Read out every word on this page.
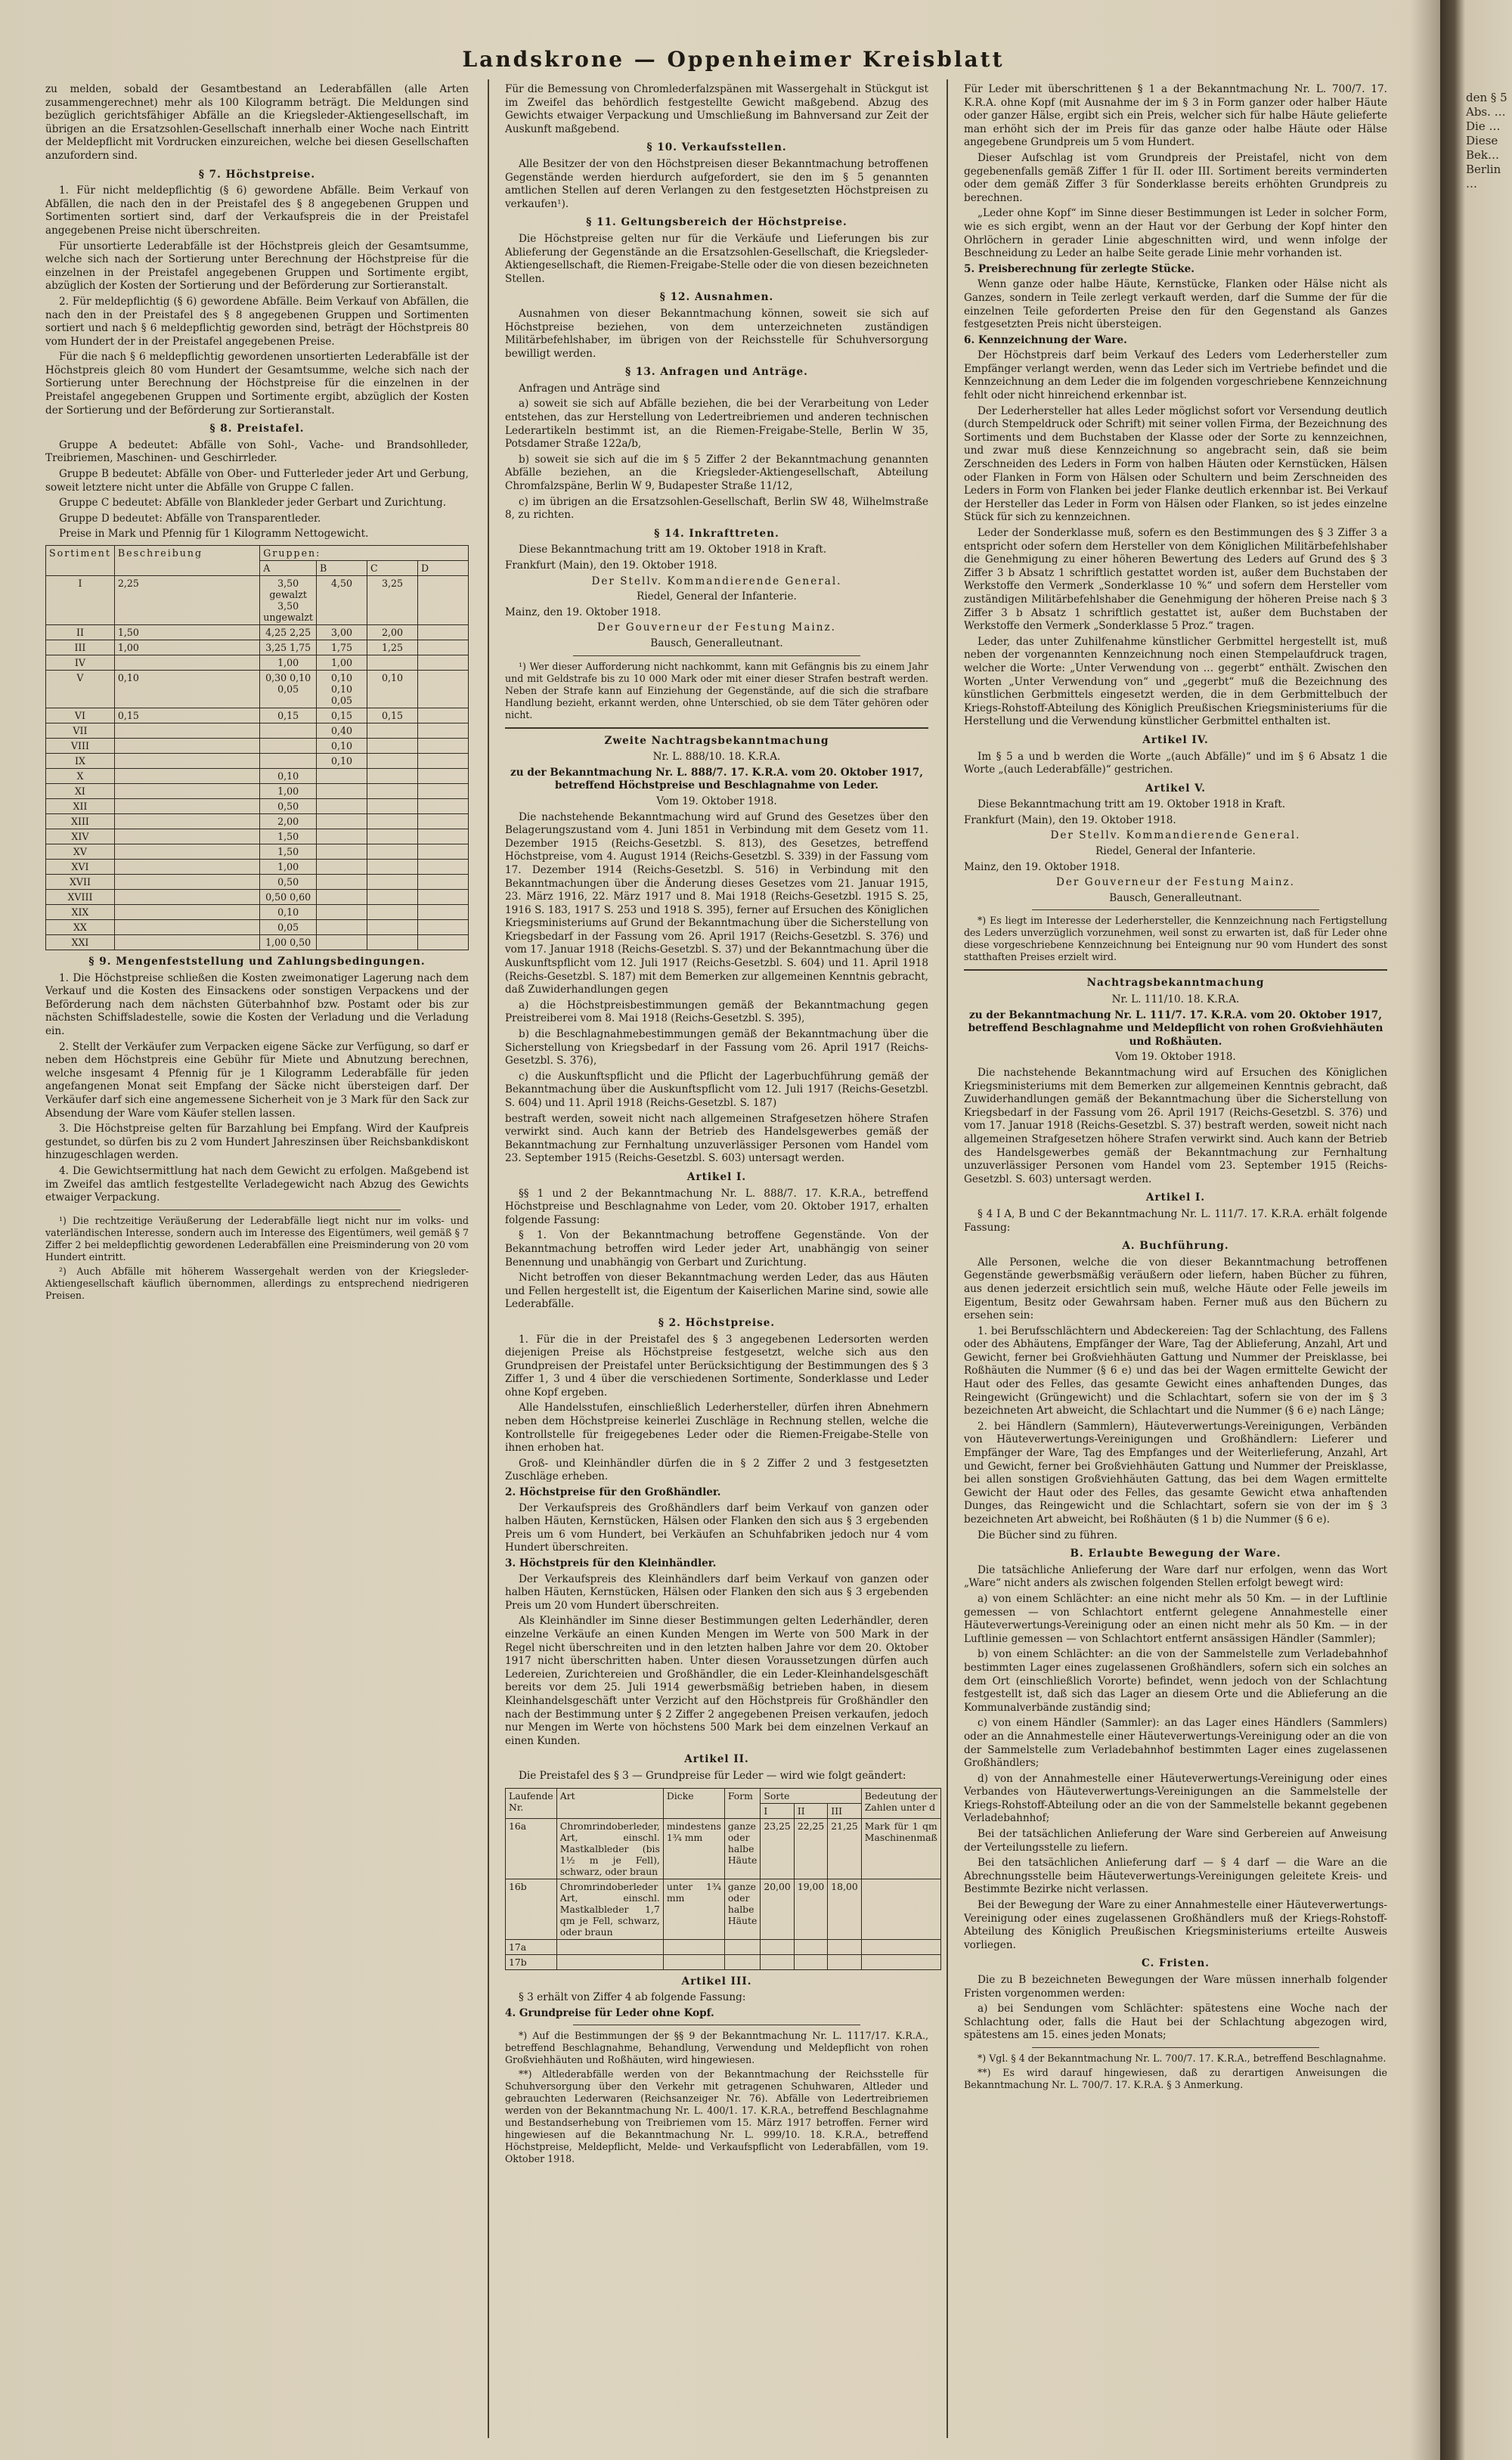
Landskrone — Oppenheimer Kreisblatt

zu melden, sobald der Gesamtbestand an Lederabfällen (alle Arten zusammengerechnet) mehr als 100 Kilogramm beträgt. Die Meldungen sind bezüglich gerichtsfähiger Abfälle an die Kriegsleder-Aktiengesellschaft, im übrigen an die Ersatzsohlen-Gesellschaft innerhalb einer Woche nach Eintritt der Meldepflicht mit Vordrucken einzureichen, welche bei diesen Gesellschaften anzufordern sind.

§ 7. Höchstpreise.

1. Für nicht meldepflichtig (§ 6) gewordene Abfälle. Beim Verkauf von Abfällen, die nach den in der Preistafel des § 8 angegebenen Gruppen und Sortimenten sortiert sind, darf der Verkaufspreis die in der Preistafel angegebenen Preise nicht überschreiten.

Für unsortierte Lederabfälle ist der Höchstpreis gleich der Gesamtsumme, welche sich nach der Sortierung unter Berechnung der Höchstpreise für die einzelnen in der Preistafel angegebenen Gruppen und Sortimente ergibt, abzüglich der Kosten der Sortierung und der Beförderung zur Sortieranstalt.

2. Für meldepflichtig (§ 6) gewordene Abfälle. Beim Verkauf von Abfällen, die nach den in der Preistafel des § 8 angegebenen Gruppen und Sortimenten sortiert und nach § 6 meldepflichtig geworden sind, beträgt der Höchstpreis 80 vom Hundert der in der Preistafel angegebenen Preise.

Für die nach § 6 meldepflichtig gewordenen unsortierten Lederabfälle ist der Höchstpreis gleich 80 vom Hundert der Gesamtsumme, welche sich nach der Sortierung unter Berechnung der Höchstpreise für die einzelnen in der Preistafel angegebenen Gruppen und Sortimente ergibt, abzüglich der Kosten der Sortierung und der Beförderung zur Sortieranstalt.

§ 8. Preistafel.

Gruppe A bedeutet: Abfälle von Sohl-, Vache- und Brandsohlleder, Treibriemen, Maschinen- und Geschirrleder.

Gruppe B bedeutet: Abfälle von Ober- und Futterleder jeder Art und Gerbung, soweit letztere nicht unter die Abfälle von Gruppe C fallen.

Gruppe C bedeutet: Abfälle von Blankleder jeder Gerbart und Zurichtung.

Gruppe D bedeutet: Abfälle von Transparentleder.

Preise in Mark und Pfennig für 1 Kilogramm Nettogewicht.

Sortiment	Beschreibung	Gruppen:			
		A	B	C	D
I	2,25	3,50 gewalzt 3,50 ungewalzt	4,50	3,25	
II	1,50	4,25 2,25	3,00	2,00	
III	1,00	3,25 1,75	1,75	1,25	
IV		1,00	1,00		
V	0,10	0,30 0,10 0,05	0,10 0,10 0,05	0,10	
VI	0,15	0,15	0,15	0,15	
VII			0,40		
VIII			0,10		
IX			0,10		
X		0,10			
XI		1,00			
XII		0,50			
XIII		2,00			
XIV		1,50			
XV		1,50			
XVI		1,00			
XVII		0,50			
XVIII		0,50 0,60			
XIX		0,10			
XX		0,05			
XXI		1,00 0,50			
§ 9. Mengenfeststellung und Zahlungsbedingungen.

1. Die Höchstpreise schließen die Kosten zweimonatiger Lagerung nach dem Verkauf und die Kosten des Einsackens oder sonstigen Verpackens und der Beförderung nach dem nächsten Güterbahnhof bzw. Postamt oder bis zur nächsten Schiffsladestelle, sowie die Kosten der Verladung und die Verladung ein.

2. Stellt der Verkäufer zum Verpacken eigene Säcke zur Verfügung, so darf er neben dem Höchstpreis eine Gebühr für Miete und Abnutzung berechnen, welche insgesamt 4 Pfennig für je 1 Kilogramm Lederabfälle für jeden angefangenen Monat seit Empfang der Säcke nicht übersteigen darf. Der Verkäufer darf sich eine angemessene Sicherheit von je 3 Mark für den Sack zur Absendung der Ware vom Käufer stellen lassen.

3. Die Höchstpreise gelten für Barzahlung bei Empfang. Wird der Kaufpreis gestundet, so dürfen bis zu 2 vom Hundert Jahreszinsen über Reichsbankdiskont hinzugeschlagen werden.

4. Die Gewichtsermittlung hat nach dem Gewicht zu erfolgen. Maßgebend ist im Zweifel das amtlich festgestellte Verladegewicht nach Abzug des Gewichts etwaiger Verpackung.

¹) Die rechtzeitige Veräußerung der Lederabfälle liegt nicht nur im volks- und vaterländischen Interesse, sondern auch im Interesse des Eigentümers, weil gemäß § 7 Ziffer 2 bei meldepflichtig gewordenen Lederabfällen eine Preisminderung von 20 vom Hundert eintritt.

²) Auch Abfälle mit höherem Wassergehalt werden von der Kriegsleder-Aktiengesellschaft käuflich übernommen, allerdings zu entsprechend niedrigeren Preisen.

Für die Bemessung von Chromlederfalzspänen mit Wassergehalt in Stückgut ist im Zweifel das behördlich festgestellte Gewicht maßgebend. Abzug des Gewichts etwaiger Verpackung und Umschließung im Bahnversand zur Zeit der Auskunft maßgebend.

§ 10. Verkaufsstellen.

Alle Besitzer der von den Höchstpreisen dieser Bekanntmachung betroffenen Gegenstände werden hierdurch aufgefordert, sie den im § 5 genannten amtlichen Stellen auf deren Verlangen zu den festgesetzten Höchstpreisen zu verkaufen¹).

§ 11. Geltungsbereich der Höchstpreise.

Die Höchstpreise gelten nur für die Verkäufe und Lieferungen bis zur Ablieferung der Gegenstände an die Ersatzsohlen-Gesellschaft, die Kriegsleder-Aktiengesellschaft, die Riemen-Freigabe-Stelle oder die von diesen bezeichneten Stellen.

§ 12. Ausnahmen.

Ausnahmen von dieser Bekanntmachung können, soweit sie sich auf Höchstpreise beziehen, von dem unterzeichneten zuständigen Militärbefehlshaber, im übrigen von der Reichsstelle für Schuhversorgung bewilligt werden.

§ 13. Anfragen und Anträge.

Anfragen und Anträge sind

a) soweit sie sich auf Abfälle beziehen, die bei der Verarbeitung von Leder entstehen, das zur Herstellung von Ledertreibriemen und anderen technischen Lederartikeln bestimmt ist, an die Riemen-Freigabe-Stelle, Berlin W 35, Potsdamer Straße 122a/b,

b) soweit sie sich auf die im § 5 Ziffer 2 der Bekanntmachung genannten Abfälle beziehen, an die Kriegsleder-Aktiengesellschaft, Abteilung Chromfalzspäne, Berlin W 9, Budapester Straße 11/12,

c) im übrigen an die Ersatzsohlen-Gesellschaft, Berlin SW 48, Wilhelmstraße 8, zu richten.

§ 14. Inkrafttreten.

Diese Bekanntmachung tritt am 19. Oktober 1918 in Kraft.

Frankfurt (Main), den 19. Oktober 1918.

Der Stellv. Kommandierende General.

Riedel, General der Infanterie.

Mainz, den 19. Oktober 1918.

Der Gouverneur der Festung Mainz.

Bausch, Generalleutnant.

¹) Wer dieser Aufforderung nicht nachkommt, kann mit Gefängnis bis zu einem Jahr und mit Geldstrafe bis zu 10 000 Mark oder mit einer dieser Strafen bestraft werden. Neben der Strafe kann auf Einziehung der Gegenstände, auf die sich die strafbare Handlung bezieht, erkannt werden, ohne Unterschied, ob sie dem Täter gehören oder nicht.

Zweite Nachtragsbekanntmachung

Nr. L. 888/10. 18. K.R.A.

zu der Bekanntmachung Nr. L. 888/7. 17. K.R.A. vom 20. Oktober 1917, betreffend Höchstpreise und Beschlagnahme von Leder.

Vom 19. Oktober 1918.

Die nachstehende Bekanntmachung wird auf Grund des Gesetzes über den Belagerungszustand vom 4. Juni 1851 in Verbindung mit dem Gesetz vom 11. Dezember 1915 (Reichs-Gesetzbl. S. 813), des Gesetzes, betreffend Höchstpreise, vom 4. August 1914 (Reichs-Gesetzbl. S. 339) in der Fassung vom 17. Dezember 1914 (Reichs-Gesetzbl. S. 516) in Verbindung mit den Bekanntmachungen über die Änderung dieses Gesetzes vom 21. Januar 1915, 23. März 1916, 22. März 1917 und 8. Mai 1918 (Reichs-Gesetzbl. 1915 S. 25, 1916 S. 183, 1917 S. 253 und 1918 S. 395), ferner auf Ersuchen des Königlichen Kriegsministeriums auf Grund der Bekanntmachung über die Sicherstellung von Kriegsbedarf in der Fassung vom 26. April 1917 (Reichs-Gesetzbl. S. 376) und vom 17. Januar 1918 (Reichs-Gesetzbl. S. 37) und der Bekanntmachung über die Auskunftspflicht vom 12. Juli 1917 (Reichs-Gesetzbl. S. 604) und 11. April 1918 (Reichs-Gesetzbl. S. 187) mit dem Bemerken zur allgemeinen Kenntnis gebracht, daß Zuwiderhandlungen gegen

a) die Höchstpreisbestimmungen gemäß der Bekanntmachung gegen Preistreiberei vom 8. Mai 1918 (Reichs-Gesetzbl. S. 395),

b) die Beschlagnahmebestimmungen gemäß der Bekanntmachung über die Sicherstellung von Kriegsbedarf in der Fassung vom 26. April 1917 (Reichs-Gesetzbl. S. 376),

c) die Auskunftspflicht und die Pflicht der Lagerbuchführung gemäß der Bekanntmachung über die Auskunftspflicht vom 12. Juli 1917 (Reichs-Gesetzbl. S. 604) und 11. April 1918 (Reichs-Gesetzbl. S. 187)

bestraft werden, soweit nicht nach allgemeinen Strafgesetzen höhere Strafen verwirkt sind. Auch kann der Betrieb des Handelsgewerbes gemäß der Bekanntmachung zur Fernhaltung unzuverlässiger Personen vom Handel vom 23. September 1915 (Reichs-Gesetzbl. S. 603) untersagt werden.

Artikel I.

§§ 1 und 2 der Bekanntmachung Nr. L. 888/7. 17. K.R.A., betreffend Höchstpreise und Beschlagnahme von Leder, vom 20. Oktober 1917, erhalten folgende Fassung:

§ 1. Von der Bekanntmachung betroffene Gegenstände. Von der Bekanntmachung betroffen wird Leder jeder Art, unabhängig von seiner Benennung und unabhängig von Gerbart und Zurichtung.

Nicht betroffen von dieser Bekanntmachung werden Leder, das aus Häuten und Fellen hergestellt ist, die Eigentum der Kaiserlichen Marine sind, sowie alle Lederabfälle.

§ 2. Höchstpreise.

1. Für die in der Preistafel des § 3 angegebenen Ledersorten werden diejenigen Preise als Höchstpreise festgesetzt, welche sich aus den Grundpreisen der Preistafel unter Berücksichtigung der Bestimmungen des § 3 Ziffer 1, 3 und 4 über die verschiedenen Sortimente, Sonderklasse und Leder ohne Kopf ergeben.

Alle Handelsstufen, einschließlich Lederhersteller, dürfen ihren Abnehmern neben dem Höchstpreise keinerlei Zuschläge in Rechnung stellen, welche die Kontrollstelle für freigegebenes Leder oder die Riemen-Freigabe-Stelle von ihnen erhoben hat.

Groß- und Kleinhändler dürfen die in § 2 Ziffer 2 und 3 festgesetzten Zuschläge erheben.

2. Höchstpreise für den Großhändler.

Der Verkaufspreis des Großhändlers darf beim Verkauf von ganzen oder halben Häuten, Kernstücken, Hälsen oder Flanken den sich aus § 3 ergebenden Preis um 6 vom Hundert, bei Verkäufen an Schuhfabriken jedoch nur 4 vom Hundert überschreiten.

3. Höchstpreis für den Kleinhändler.

Der Verkaufspreis des Kleinhändlers darf beim Verkauf von ganzen oder halben Häuten, Kernstücken, Hälsen oder Flanken den sich aus § 3 ergebenden Preis um 20 vom Hundert überschreiten.

Als Kleinhändler im Sinne dieser Bestimmungen gelten Lederhändler, deren einzelne Verkäufe an einen Kunden Mengen im Werte von 500 Mark in der Regel nicht überschreiten und in den letzten halben Jahre vor dem 20. Oktober 1917 nicht überschritten haben. Unter diesen Voraussetzungen dürfen auch Ledereien, Zurichtereien und Großhändler, die ein Leder-Kleinhandelsgeschäft bereits vor dem 25. Juli 1914 gewerbsmäßig betrieben haben, in diesem Kleinhandelsgeschäft unter Verzicht auf den Höchstpreis für Großhändler den nach der Bestimmung unter § 2 Ziffer 2 angegebenen Preisen verkaufen, jedoch nur Mengen im Werte von höchstens 500 Mark bei dem einzelnen Verkauf an einen Kunden.

Artikel II.

Die Preistafel des § 3 — Grundpreise für Leder — wird wie folgt geändert:

Laufende Nr.	Art	Dicke	Form	Sorte			Bedeutung der Zahlen unter d
				I	II	III	
16a	Chromrindoberleder, Art, einschl. Mastkalbleder (bis 1½ m je Fell), schwarz, oder braun	mindestens 1¾ mm	ganze oder halbe Häute	23,25	22,25	21,25	Mark für 1 qm Maschinenmaß
16b	Chromrindoberleder Art, einschl. Mastkalbleder 1,7 qm je Fell, schwarz, oder braun	unter 1¾ mm	ganze oder halbe Häute	20,00	19,00	18,00	
17a							
17b							
Artikel III.

§ 3 erhält von Ziffer 4 ab folgende Fassung:

4. Grundpreise für Leder ohne Kopf.

*) Auf die Bestimmungen der §§ 9 der Bekanntmachung Nr. L. 1117/17. K.R.A., betreffend Beschlagnahme, Behandlung, Verwendung und Meldepflicht von rohen Großviehhäuten und Roßhäuten, wird hingewiesen.

**) Altlederabfälle werden von der Bekanntmachung der Reichsstelle für Schuhversorgung über den Verkehr mit getragenen Schuhwaren, Altleder und gebrauchten Lederwaren (Reichsanzeiger Nr. 76). Abfälle von Ledertreibriemen werden von der Bekanntmachung Nr. L. 400/1. 17. K.R.A., betreffend Beschlagnahme und Bestandserhebung von Treibriemen vom 15. März 1917 betroffen. Ferner wird hingewiesen auf die Bekanntmachung Nr. L. 999/10. 18. K.R.A., betreffend Höchstpreise, Meldepflicht, Melde- und Verkaufspflicht von Lederabfällen, vom 19. Oktober 1918.

Für Leder mit überschrittenen § 1 a der Bekanntmachung Nr. L. 700/7. 17. K.R.A. ohne Kopf (mit Ausnahme der im § 3 in Form ganzer oder halber Häute oder ganzer Hälse, ergibt sich ein Preis, welcher sich für halbe Häute gelieferte man erhöht sich der im Preis für das ganze oder halbe Häute oder Hälse angegebene Grundpreis um 5 vom Hundert.

Dieser Aufschlag ist vom Grundpreis der Preistafel, nicht von dem gegebenenfalls gemäß Ziffer 1 für II. oder III. Sortiment bereits verminderten oder dem gemäß Ziffer 3 für Sonderklasse bereits erhöhten Grundpreis zu berechnen.

„Leder ohne Kopf“ im Sinne dieser Bestimmungen ist Leder in solcher Form, wie es sich ergibt, wenn an der Haut vor der Gerbung der Kopf hinter den Ohrlöchern in gerader Linie abgeschnitten wird, und wenn infolge der Beschneidung zu Leder an halbe Seite gerade Linie mehr vorhanden ist.

5. Preisberechnung für zerlegte Stücke.

Wenn ganze oder halbe Häute, Kernstücke, Flanken oder Hälse nicht als Ganzes, sondern in Teile zerlegt verkauft werden, darf die Summe der für die einzelnen Teile geforderten Preise den für den Gegenstand als Ganzes festgesetzten Preis nicht übersteigen.

6. Kennzeichnung der Ware.

Der Höchstpreis darf beim Verkauf des Leders vom Lederhersteller zum Empfänger verlangt werden, wenn das Leder sich im Vertriebe befindet und die Kennzeichnung an dem Leder die im folgenden vorgeschriebene Kennzeichnung fehlt oder nicht hinreichend erkennbar ist.

Der Lederhersteller hat alles Leder möglichst sofort vor Versendung deutlich (durch Stempeldruck oder Schrift) mit seiner vollen Firma, der Bezeichnung des Sortiments und dem Buchstaben der Klasse oder der Sorte zu kennzeichnen, und zwar muß diese Kennzeichnung so angebracht sein, daß sie beim Zerschneiden des Leders in Form von halben Häuten oder Kernstücken, Hälsen oder Flanken in Form von Hälsen oder Schultern und beim Zerschneiden des Leders in Form von Flanken bei jeder Flanke deutlich erkennbar ist. Bei Verkauf der Hersteller das Leder in Form von Hälsen oder Flanken, so ist jedes einzelne Stück für sich zu kennzeichnen.

Leder der Sonderklasse muß, sofern es den Bestimmungen des § 3 Ziffer 3 a entspricht oder sofern dem Hersteller von dem Königlichen Militärbefehlshaber die Genehmigung zu einer höheren Bewertung des Leders auf Grund des § 3 Ziffer 3 b Absatz 1 schriftlich gestattet worden ist, außer dem Buchstaben der Werkstoffe den Vermerk „Sonderklasse 10 %“ und sofern dem Hersteller vom zuständigen Militärbefehlshaber die Genehmigung der höheren Preise nach § 3 Ziffer 3 b Absatz 1 schriftlich gestattet ist, außer dem Buchstaben der Werkstoffe den Vermerk „Sonderklasse 5 Proz.“ tragen.

Leder, das unter Zuhilfenahme künstlicher Gerbmittel hergestellt ist, muß neben der vorgenannten Kennzeichnung noch einen Stempelaufdruck tragen, welcher die Worte: „Unter Verwendung von … gegerbt“ enthält. Zwischen den Worten „Unter Verwendung von“ und „gegerbt“ muß die Bezeichnung des künstlichen Gerbmittels eingesetzt werden, die in dem Gerbmittelbuch der Kriegs-Rohstoff-Abteilung des Königlich Preußischen Kriegsministeriums für die Herstellung und die Verwendung künstlicher Gerbmittel enthalten ist.

Artikel IV.

Im § 5 a und b werden die Worte „(auch Abfälle)“ und im § 6 Absatz 1 die Worte „(auch Lederabfälle)“ gestrichen.

Artikel V.

Diese Bekanntmachung tritt am 19. Oktober 1918 in Kraft.

Frankfurt (Main), den 19. Oktober 1918.

Der Stellv. Kommandierende General.

Riedel, General der Infanterie.

Mainz, den 19. Oktober 1918.

Der Gouverneur der Festung Mainz.

Bausch, Generalleutnant.

*) Es liegt im Interesse der Lederhersteller, die Kennzeichnung nach Fertigstellung des Leders unverzüglich vorzunehmen, weil sonst zu erwarten ist, daß für Leder ohne diese vorgeschriebene Kennzeichnung bei Enteignung nur 90 vom Hundert des sonst statthaften Preises erzielt wird.

Nachtragsbekanntmachung

Nr. L. 111/10. 18. K.R.A.

zu der Bekanntmachung Nr. L. 111/7. 17. K.R.A. vom 20. Oktober 1917, betreffend Beschlagnahme und Meldepflicht von rohen Großviehhäuten und Roßhäuten.

Vom 19. Oktober 1918.

Die nachstehende Bekanntmachung wird auf Ersuchen des Königlichen Kriegsministeriums mit dem Bemerken zur allgemeinen Kenntnis gebracht, daß Zuwiderhandlungen gemäß der Bekanntmachung über die Sicherstellung von Kriegsbedarf in der Fassung vom 26. April 1917 (Reichs-Gesetzbl. S. 376) und vom 17. Januar 1918 (Reichs-Gesetzbl. S. 37) bestraft werden, soweit nicht nach allgemeinen Strafgesetzen höhere Strafen verwirkt sind. Auch kann der Betrieb des Handelsgewerbes gemäß der Bekanntmachung zur Fernhaltung unzuverlässiger Personen vom Handel vom 23. September 1915 (Reichs-Gesetzbl. S. 603) untersagt werden.

Artikel I.

§ 4 I A, B und C der Bekanntmachung Nr. L. 111/7. 17. K.R.A. erhält folgende Fassung:

A. Buchführung.

Alle Personen, welche die von dieser Bekanntmachung betroffenen Gegenstände gewerbsmäßig veräußern oder liefern, haben Bücher zu führen, aus denen jederzeit ersichtlich sein muß, welche Häute oder Felle jeweils im Eigentum, Besitz oder Gewahrsam haben. Ferner muß aus den Büchern zu ersehen sein:

1. bei Berufsschlächtern und Abdeckereien: Tag der Schlachtung, des Fallens oder des Abhäutens, Empfänger der Ware, Tag der Ablieferung, Anzahl, Art und Gewicht, ferner bei Großviehhäuten Gattung und Nummer der Preisklasse, bei Roßhäuten die Nummer (§ 6 e) und das bei der Wagen ermittelte Gewicht der Haut oder des Felles, das gesamte Gewicht eines anhaftenden Dunges, das Reingewicht (Grüngewicht) und die Schlachtart, sofern sie von der im § 3 bezeichneten Art abweicht, die Schlachtart und die Nummer (§ 6 e) nach Länge;

2. bei Händlern (Sammlern), Häuteverwertungs-Vereinigungen, Verbänden von Häuteverwertungs-Vereinigungen und Großhändlern: Lieferer und Empfänger der Ware, Tag des Empfanges und der Weiterlieferung, Anzahl, Art und Gewicht, ferner bei Großviehhäuten Gattung und Nummer der Preisklasse, bei allen sonstigen Großviehhäuten Gattung, das bei dem Wagen ermittelte Gewicht der Haut oder des Felles, das gesamte Gewicht etwa anhaftenden Dunges, das Reingewicht und die Schlachtart, sofern sie von der im § 3 bezeichneten Art abweicht, bei Roßhäuten (§ 1 b) die Nummer (§ 6 e).

Die Bücher sind zu führen.

B. Erlaubte Bewegung der Ware.

Die tatsächliche Anlieferung der Ware darf nur erfolgen, wenn das Wort „Ware“ nicht anders als zwischen folgenden Stellen erfolgt bewegt wird:

a) von einem Schlächter: an eine nicht mehr als 50 Km. — in der Luftlinie gemessen — von Schlachtort entfernt gelegene Annahmestelle einer Häuteverwertungs-Vereinigung oder an einen nicht mehr als 50 Km. — in der Luftlinie gemessen — von Schlachtort entfernt ansässigen Händler (Sammler);

b) von einem Schlächter: an die von der Sammelstelle zum Verladebahnhof bestimmten Lager eines zugelassenen Großhändlers, sofern sich ein solches an dem Ort (einschließlich Vororte) befindet, wenn jedoch von der Schlachtung festgestellt ist, daß sich das Lager an diesem Orte und die Ablieferung an die Kommunalverbände zuständig sind;

c) von einem Händler (Sammler): an das Lager eines Händlers (Sammlers) oder an die Annahmestelle einer Häuteverwertungs-Vereinigung oder an die von der Sammelstelle zum Verladebahnhof bestimmten Lager eines zugelassenen Großhändlers;

d) von der Annahmestelle einer Häuteverwertungs-Vereinigung oder eines Verbandes von Häuteverwertungs-Vereinigungen an die Sammelstelle der Kriegs-Rohstoff-Abteilung oder an die von der Sammelstelle bekannt gegebenen Verladebahnhof;

Bei der tatsächlichen Anlieferung der Ware sind Gerbereien auf Anweisung der Verteilungsstelle zu liefern.

Bei den tatsächlichen Anlieferung darf — § 4 darf — die Ware an die Abrechnungsstelle beim Häuteverwertungs-Vereinigungen geleitete Kreis- und Bestimmte Bezirke nicht verlassen.

Bei der Bewegung der Ware zu einer Annahmestelle einer Häuteverwertungs-Vereinigung oder eines zugelassenen Großhändlers muß der Kriegs-Rohstoff-Abteilung des Königlich Preußischen Kriegsministeriums erteilte Ausweis vorliegen.

C. Fristen.

Die zu B bezeichneten Bewegungen der Ware müssen innerhalb folgender Fristen vorgenommen werden:

a) bei Sendungen vom Schlächter: spätestens eine Woche nach der Schlachtung oder, falls die Haut bei der Schlachtung abgezogen wird, spätestens am 15. eines jeden Monats;

*) Vgl. § 4 der Bekanntmachung Nr. L. 700/7. 17. K.R.A., betreffend Beschlagnahme.

**) Es wird darauf hingewiesen, daß zu derartigen Anweisungen die Bekanntmachung Nr. L. 700/7. 17. K.R.A. § 3 Anmerkung.

den § 5 Abs. … Die … Diese Bek… Berlin …
